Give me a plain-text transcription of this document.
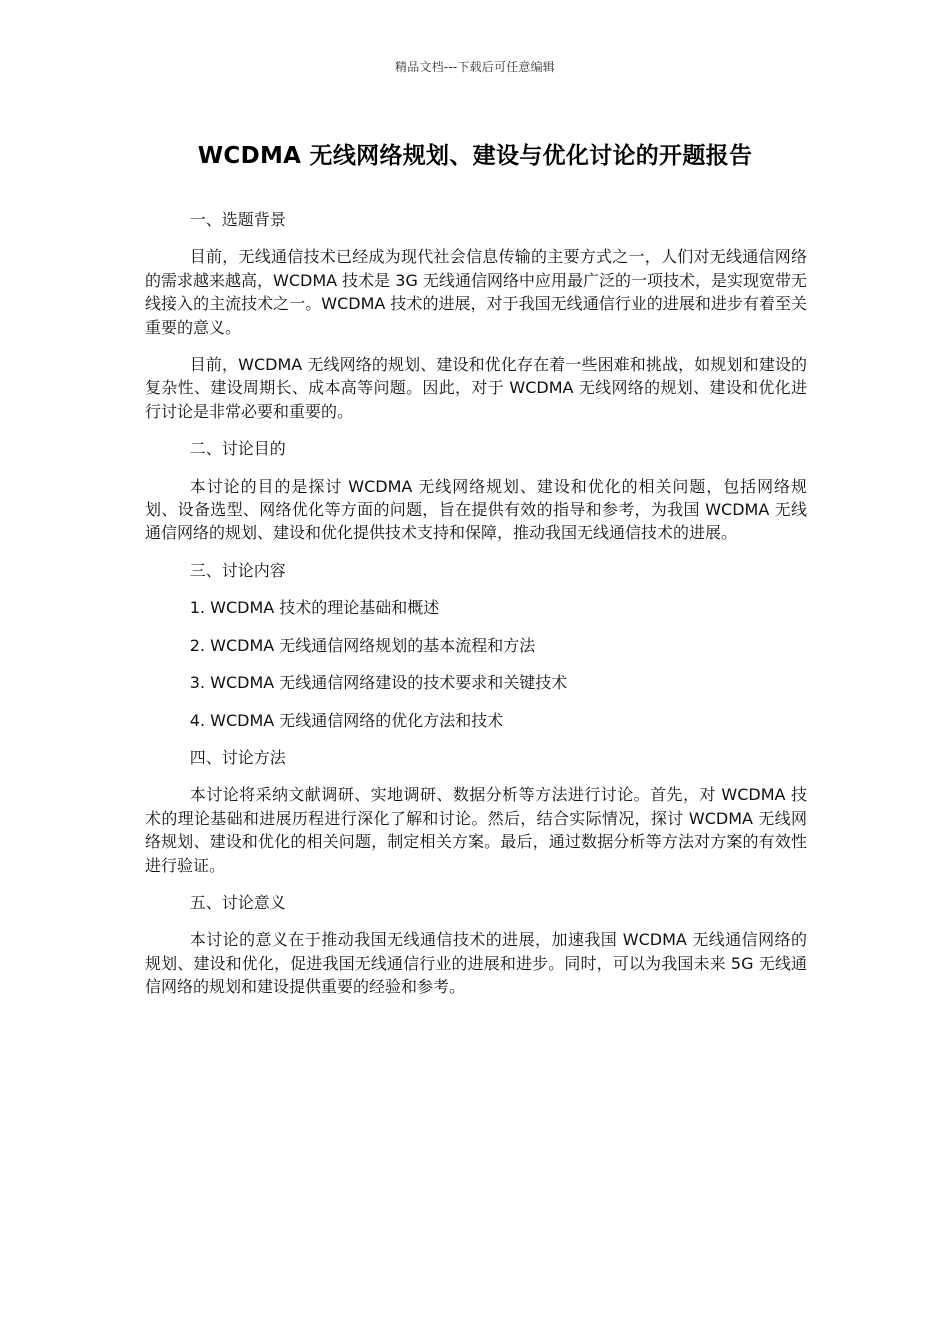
精品文档---下载后可任意编辑
WCDMA 无线网络规划、建设与优化讨论的开题报告

一、选题背景

目前，无线通信技术已经成为现代社会信息传输的主要方式之一，人们对无线通信网络的需求越来越高，WCDMA 技术是 3G 无线通信网络中应用最广泛的一项技术，是实现宽带无线接入的主流技术之一。WCDMA 技术的进展，对于我国无线通信行业的进展和进步有着至关重要的意义。

目前，WCDMA 无线网络的规划、建设和优化存在着一些困难和挑战，如规划和建设的复杂性、建设周期长、成本高等问题。因此，对于 WCDMA 无线网络的规划、建设和优化进行讨论是非常必要和重要的。

二、讨论目的

本讨论的目的是探讨 WCDMA 无线网络规划、建设和优化的相关问题，包括网络规划、设备选型、网络优化等方面的问题，旨在提供有效的指导和参考，为我国 WCDMA 无线通信网络的规划、建设和优化提供技术支持和保障，推动我国无线通信技术的进展。

三、讨论内容

1. WCDMA 技术的理论基础和概述

2. WCDMA 无线通信网络规划的基本流程和方法

3. WCDMA 无线通信网络建设的技术要求和关键技术

4. WCDMA 无线通信网络的优化方法和技术

四、讨论方法

本讨论将采纳文献调研、实地调研、数据分析等方法进行讨论。首先，对 WCDMA 技术的理论基础和进展历程进行深化了解和讨论。然后，结合实际情况，探讨 WCDMA 无线网络规划、建设和优化的相关问题，制定相关方案。最后，通过数据分析等方法对方案的有效性进行验证。

五、讨论意义

本讨论的意义在于推动我国无线通信技术的进展，加速我国 WCDMA 无线通信网络的规划、建设和优化，促进我国无线通信行业的进展和进步。同时，可以为我国未来 5G 无线通信网络的规划和建设提供重要的经验和参考。
